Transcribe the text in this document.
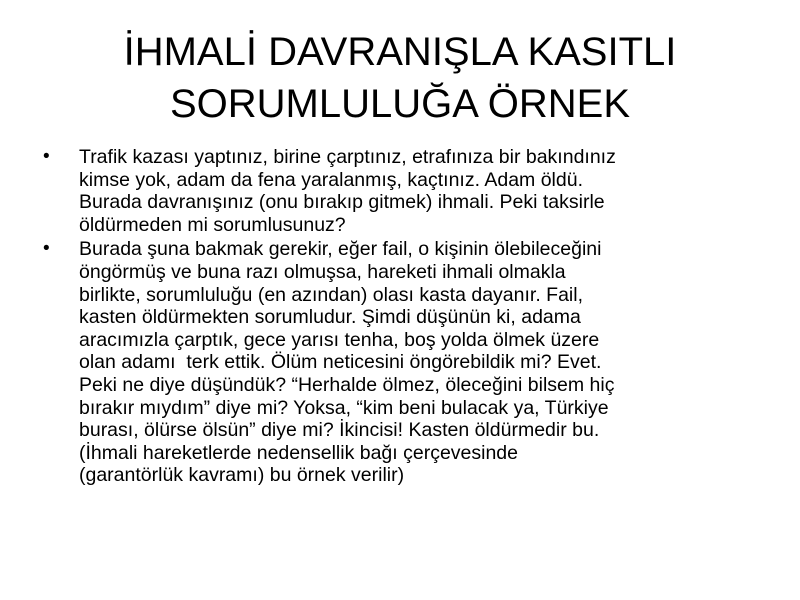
İHMALİ DAVRANIŞLA KASITLI
SORUMLULUĞA ÖRNEK
• Trafik kazası yaptınız, birine çarptınız, etrafınıza bir bakındınız
kimse yok, adam da fena yaralanmış, kaçtınız. Adam öldü.
Burada davranışınız (onu bırakıp gitmek) ihmali. Peki taksirle
öldürmeden mi sorumlusunuz?
• Burada şuna bakmak gerekir, eğer fail, o kişinin ölebileceğini
öngörmüş ve buna razı olmuşsa, hareketi ihmali olmakla
birlikte, sorumluluğu (en azından) olası kasta dayanır. Fail,
kasten öldürmekten sorumludur. Şimdi düşünün ki, adama
aracımızla çarptık, gece yarısı tenha, boş yolda ölmek üzere
olan adamı  terk ettik. Ölüm neticesini öngörebildik mi? Evet.
Peki ne diye düşündük? “Herhalde ölmez, öleceğini bilsem hiç
bırakır mıydım” diye mi? Yoksa, “kim beni bulacak ya, Türkiye
burası, ölürse ölsün” diye mi? İkincisi! Kasten öldürmedir bu.
(İhmali hareketlerde nedensellik bağı çerçevesinde
(garantörlük kavramı) bu örnek verilir)
